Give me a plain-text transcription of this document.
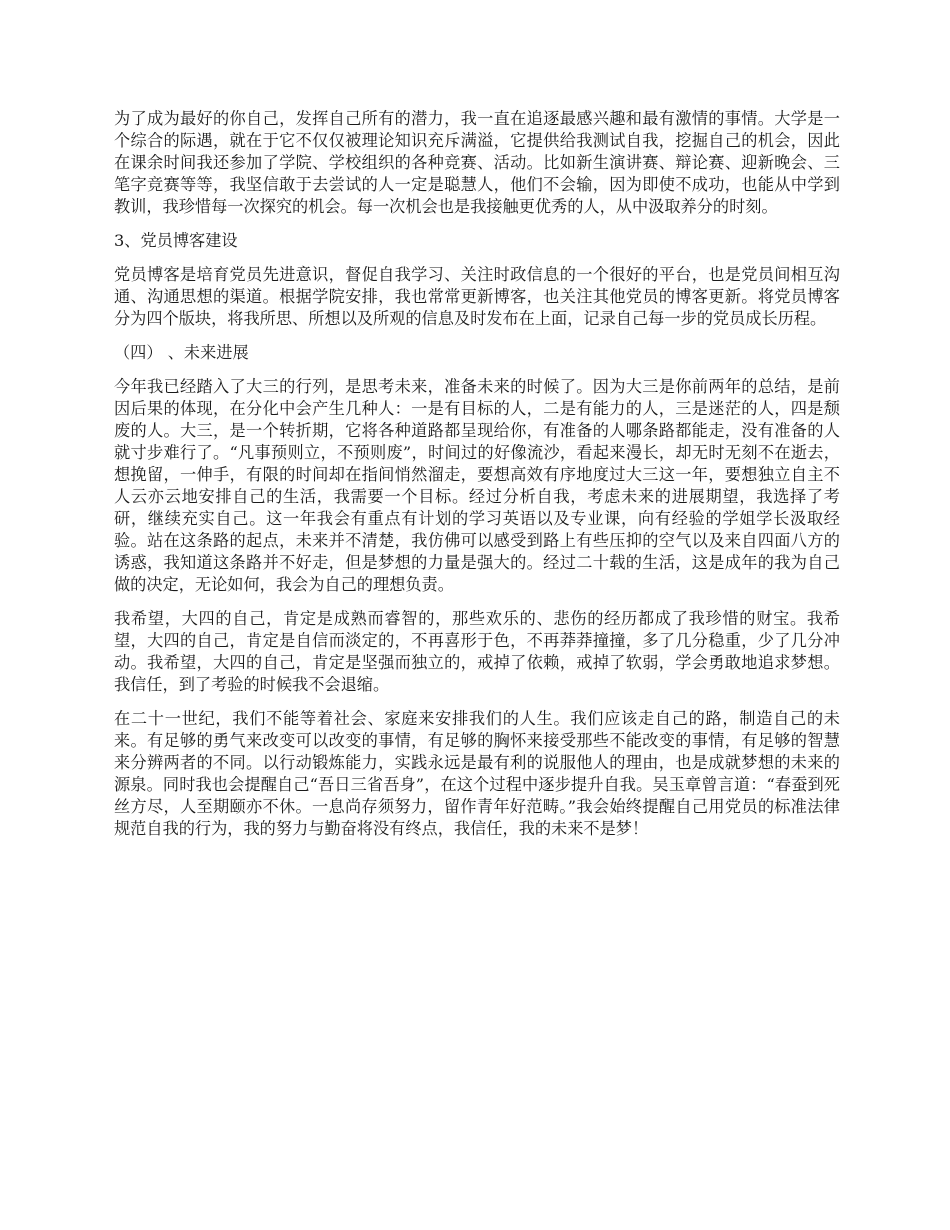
为了成为最好的你自己，发挥自己所有的潜力，我一直在追逐最感兴趣和最有激情的事情。大学是一个综合的际遇，就在于它不仅仅被理论知识充斥满溢，它提供给我测试自我，挖掘自己的机会，因此在课余时间我还参加了学院、学校组织的各种竞赛、活动。比如新生演讲赛、辩论赛、迎新晚会、三笔字竞赛等等，我坚信敢于去尝试的人一定是聪慧人，他们不会输，因为即使不成功，也能从中学到教训，我珍惜每一次探究的机会。每一次机会也是我接触更优秀的人，从中汲取养分的时刻。

3、党员博客建设

党员博客是培育党员先进意识，督促自我学习、关注时政信息的一个很好的平台，也是党员间相互沟通、沟通思想的渠道。根据学院安排，我也常常更新博客，也关注其他党员的博客更新。将党员博客分为四个版块，将我所思、所想以及所观的信息及时发布在上面，记录自己每一步的党员成长历程。

（四） 、未来进展

今年我已经踏入了大三的行列，是思考未来，准备未来的时候了。因为大三是你前两年的总结，是前因后果的体现，在分化中会产生几种人：一是有目标的人，二是有能力的人，三是迷茫的人，四是颓废的人。大三，是一个转折期，它将各种道路都呈现给你，有准备的人哪条路都能走，没有准备的人就寸步难行了。“凡事预则立，不预则废”，时间过的好像流沙，看起来漫长，却无时无刻不在逝去，想挽留，一伸手，有限的时间却在指间悄然溜走，要想高效有序地度过大三这一年，要想独立自主不人云亦云地安排自己的生活，我需要一个目标。经过分析自我，考虑未来的进展期望，我选择了考研，继续充实自己。这一年我会有重点有计划的学习英语以及专业课，向有经验的学姐学长汲取经验。站在这条路的起点，未来并不清楚，我仿佛可以感受到路上有些压抑的空气以及来自四面八方的诱惑，我知道这条路并不好走，但是梦想的力量是强大的。经过二十载的生活，这是成年的我为自己做的决定，无论如何，我会为自己的理想负责。

我希望，大四的自己，肯定是成熟而睿智的，那些欢乐的、悲伤的经历都成了我珍惜的财宝。我希望，大四的自己，肯定是自信而淡定的，不再喜形于色，不再莽莽撞撞，多了几分稳重，少了几分冲动。我希望，大四的自己，肯定是坚强而独立的，戒掉了依赖，戒掉了软弱，学会勇敢地追求梦想。我信任，到了考验的时候我不会退缩。

在二十一世纪，我们不能等着社会、家庭来安排我们的人生。我们应该走自己的路，制造自己的未来。有足够的勇气来改变可以改变的事情，有足够的胸怀来接受那些不能改变的事情，有足够的智慧来分辨两者的不同。以行动锻炼能力，实践永远是最有利的说服他人的理由，也是成就梦想的未来的源泉。同时我也会提醒自己“吾日三省吾身”，在这个过程中逐步提升自我。吴玉章曾言道：“春蚕到死丝方尽，人至期颐亦不休。一息尚存须努力，留作青年好范畴。”我会始终提醒自己用党员的标准法律规范自我的行为，我的努力与勤奋将没有终点，我信任，我的未来不是梦！
